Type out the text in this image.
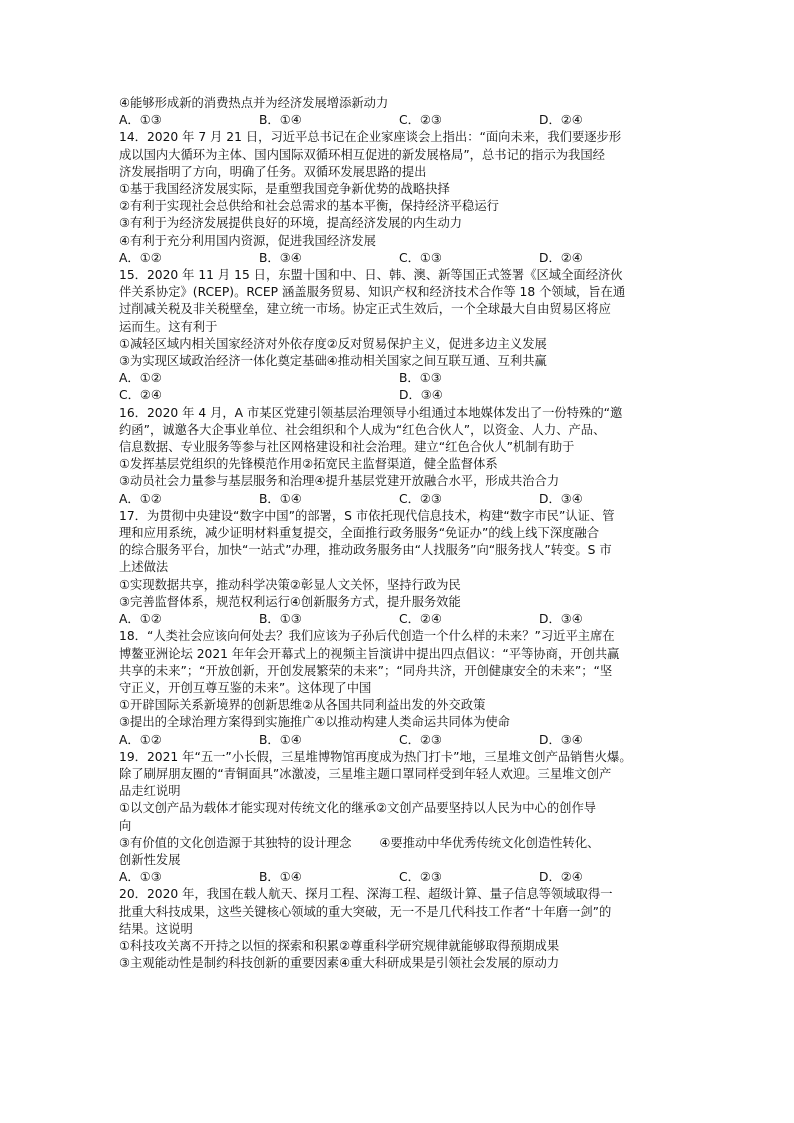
④能够形成新的消费热点并为经济发展增添新动力
A．①③	B．①④	C．②③	D．②④
14．2020 年 7 月 21 日，习近平总书记在企业家座谈会上指出：“面向未来，我们要逐步形
成以国内大循环为主体、国内国际双循环相互促进的新发展格局”，总书记的指示为我国经
济发展指明了方向，明确了任务。双循环发展思路的提出
①基于我国经济发展实际，是重塑我国竞争新优势的战略抉择
②有利于实现社会总供给和社会总需求的基本平衡，保持经济平稳运行
③有利于为经济发展提供良好的环境，提高经济发展的内生动力
④有利于充分利用国内资源，促进我国经济发展
A．①②	B．③④	C．①③	D．②④
15．2020 年 11 月 15 日，东盟十国和中、日、韩、澳、新等国正式签署《区域全面经济伙
伴关系协定》(RCEP)。RCEP 涵盖服务贸易、知识产权和经济技术合作等 18 个领域，旨在通
过削减关税及非关税壁垒，建立统一市场。协定正式生效后，一个全球最大自由贸易区将应
运而生。这有利于
①减轻区域内相关国家经济对外依存度②反对贸易保护主义，促进多边主义发展
③为实现区域政治经济一体化奠定基础④推动相关国家之间互联互通、互利共赢
A．①②	B．①③
C．②④	D．③④
16．2020 年 4 月，A 市某区党建引领基层治理领导小组通过本地媒体发出了一份特殊的“邀
约函”，诚邀各大企事业单位、社会组织和个人成为“红色合伙人”，以资金、人力、产品、
信息数据、专业服务等参与社区网格建设和社会治理。建立“红色合伙人”机制有助于
①发挥基层党组织的先锋模范作用②拓宽民主监督渠道，健全监督体系
③动员社会力量参与基层服务和治理④提升基层党建开放融合水平，形成共治合力
A．①②	B．①④	C．②③	D．③④
17．为贯彻中央建设“数字中国”的部署，S 市依托现代信息技术，构建“数字市民”认证、管
理和应用系统，减少证明材料重复提交，全面推行政务服务“免证办”的线上线下深度融合
的综合服务平台，加快“一站式”办理，推动政务服务由“人找服务”向“服务找人”转变。S 市
上述做法
①实现数据共享，推动科学决策②彰显人文关怀，坚持行政为民
③完善监督体系，规范权利运行④创新服务方式，提升服务效能
A．①②	B．①③	C．②④	D．③④
18．“人类社会应该向何处去？我们应该为子孙后代创造一个什么样的未来？”习近平主席在
博鳌亚洲论坛 2021 年年会开幕式上的视频主旨演讲中提出四点倡议：“平等协商，开创共赢
共享的未来”；“开放创新，开创发展繁荣的未来”；“同舟共济，开创健康安全的未来”；“坚
守正义，开创互尊互鉴的未来”。这体现了中国
①开辟国际关系新境界的创新思维②从各国共同利益出发的外交政策
③提出的全球治理方案得到实施推广④以推动构建人类命运共同体为使命
A．①②	B．①④	C．②③	D．③④
19．2021 年“五一”小长假，三星堆博物馆再度成为热门打卡”地，三星堆文创产品销售火爆。
除了刷屏朋友圈的“青铜面具”冰激凌，三星堆主题口罩同样受到年轻人欢迎。三星堆文创产
品走红说明
①以文创产品为载体才能实现对传统文化的继承②文创产品要坚持以人民为中心的创作导
向
③有价值的文化创造源于其独特的设计理念 ④要推动中华优秀传统文化创造性转化、
创新性发展
A．①③	B．①④	C．②③	D．②④
20．2020 年，我国在载人航天、探月工程、深海工程、超级计算、量子信息等领域取得一
批重大科技成果，这些关键核心领域的重大突破，无一不是几代科技工作者“十年磨一剑”的
结果。这说明
①科技攻关离不开持之以恒的探索和积累②尊重科学研究规律就能够取得预期成果
③主观能动性是制约科技创新的重要因素④重大科研成果是引领社会发展的原动力
